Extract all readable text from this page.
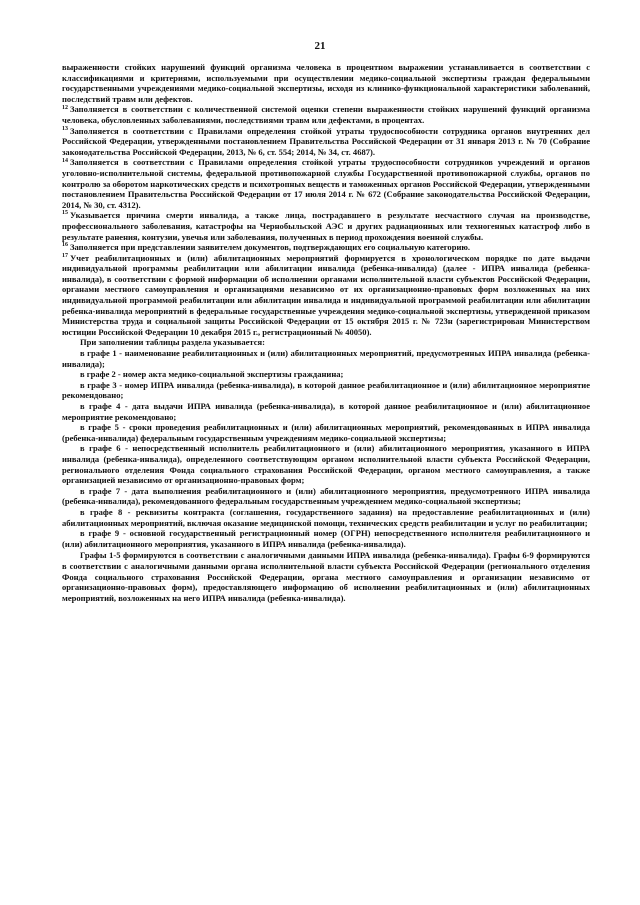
21

выраженности стойких нарушений функций организма человека в процентном выражении устанавливается в соответствии с классификациями и критериями, используемыми при осуществлении медико-социальной экспертизы граждан федеральными государственными учреждениями медико-социальной экспертизы, исходя из клинико-функциональной характеристики заболеваний, последствий травм или дефектов.

$^{12}$ Заполняется в соответствии с количественной системой оценки степени выраженности стойких нарушений функций организма человека, обусловленных заболеваниями, последствиями травм или дефектами, в процентах.

$^{13}$ Заполняется в соответствии с Правилами определения стойкой утраты трудоспособности сотрудника органов внутренних дел Российской Федерации, утвержденными постановлением Правительства Российской Федерации от 31 января 2013 г. № 70 (Собрание законодательства Российской Федерации, 2013, № 6, ст. 554; 2014, № 34, ст. 4687).

$^{14}$ Заполняется в соответствии с Правилами определения стойкой утраты трудоспособности сотрудников учреждений и органов уголовно-исполнительной системы, федеральной противопожарной службы Государственной противопожарной службы, органов по контролю за оборотом наркотических средств и психотропных веществ и таможенных органов Российской Федерации, утвержденными постановлением Правительства Российской Федерации от 17 июля 2014 г. № 672 (Собрание законодательства Российской Федерации, 2014, № 30, ст. 4312).

$^{15}$ Указывается причина смерти инвалида, а также лица, пострадавшего в результате несчастного случая на производстве, профессионального заболевания, катастрофы на Чернобыльской АЭС и других радиационных или техногенных катастроф либо в результате ранения, контузии, увечья или заболевания, полученных в период прохождения военной службы.

$^{16}$ Заполняется при представлении заявителем документов, подтверждающих его социальную категорию.

$^{17}$ Учет реабилитационных и (или) абилитационных мероприятий формируется в хронологическом порядке по дате выдачи индивидуальной программы реабилитации или абилитации инвалида (ребенка-инвалида) (далее - ИПРА инвалида (ребенка-инвалида), в соответствии с формой информации об исполнении органами исполнительной власти субъектов Российской Федерации, органами местного самоуправления и организациями независимо от их организационно-правовых форм возложенных на них индивидуальной программой реабилитации или абилитации инвалида и индивидуальной программой реабилитации или абилитации ребенка-инвалида мероприятий в федеральные государственные учреждения медико-социальной экспертизы, утвержденной приказом Министерства труда и социальной защиты Российской Федерации от 15 октября 2015 г. № 723н (зарегистрирован Министерством юстиции Российской Федерации 10 декабря 2015 г., регистрационный № 40050).

При заполнении таблицы раздела указывается:

в графе 1 - наименование реабилитационных и (или) абилитационных мероприятий, предусмотренных ИПРА инвалида (ребенка-инвалида);

в графе 2 - номер акта медико-социальной экспертизы гражданина;

в графе 3 - номер ИПРА инвалида (ребенка-инвалида), в которой данное реабилитационное и (или) абилитационное мероприятие рекомендовано;

в графе 4 - дата выдачи ИПРА инвалида (ребенка-инвалида), в которой данное реабилитационное и (или) абилитационное мероприятие рекомендовано;

в графе 5 - сроки проведения реабилитационных и (или) абилитационных мероприятий, рекомендованных в ИПРА инвалида (ребенка-инвалида) федеральным государственным учреждениям медико-социальной экспертизы;

в графе 6 - непосредственный исполнитель реабилитационного и (или) абилитационного мероприятия, указанного в ИПРА инвалида (ребенка-инвалида), определенного соответствующим органом исполнительной власти субъекта Российской Федерации, регионального отделения Фонда социального страхования Российской Федерации, органом местного самоуправления, а также организацией независимо от организационно-правовых форм;

в графе 7 - дата выполнения реабилитационного и (или) абилитационного мероприятия, предусмотренного ИПРА инвалида (ребенка-инвалида), рекомендованного федеральным государственным учреждением медико-социальной экспертизы;

в графе 8 - реквизиты контракта (соглашения, государственного задания) на предоставление реабилитационных и (или) абилитационных мероприятий, включая оказание медицинской помощи, технических средств реабилитации и услуг по реабилитации;

в графе 9 - основной государственный регистрационный номер (ОГРН) непосредственного исполнителя реабилитационного и (или) абилитационного мероприятия, указанного в ИПРА инвалида (ребенка-инвалида).

Графы 1-5 формируются в соответствии с аналогичными данными ИПРА инвалида (ребенка-инвалида). Графы 6-9 формируются в соответствии с аналогичными данными органа исполнительной власти субъекта Российской Федерации (регионального отделения Фонда социального страхования Российской Федерации, органа местного самоуправления и организации независимо от организационно-правовых форм), предоставляющего информацию об исполнении реабилитационных и (или) абилитационных мероприятий, возложенных на него ИПРА инвалида (ребенка-инвалида).
